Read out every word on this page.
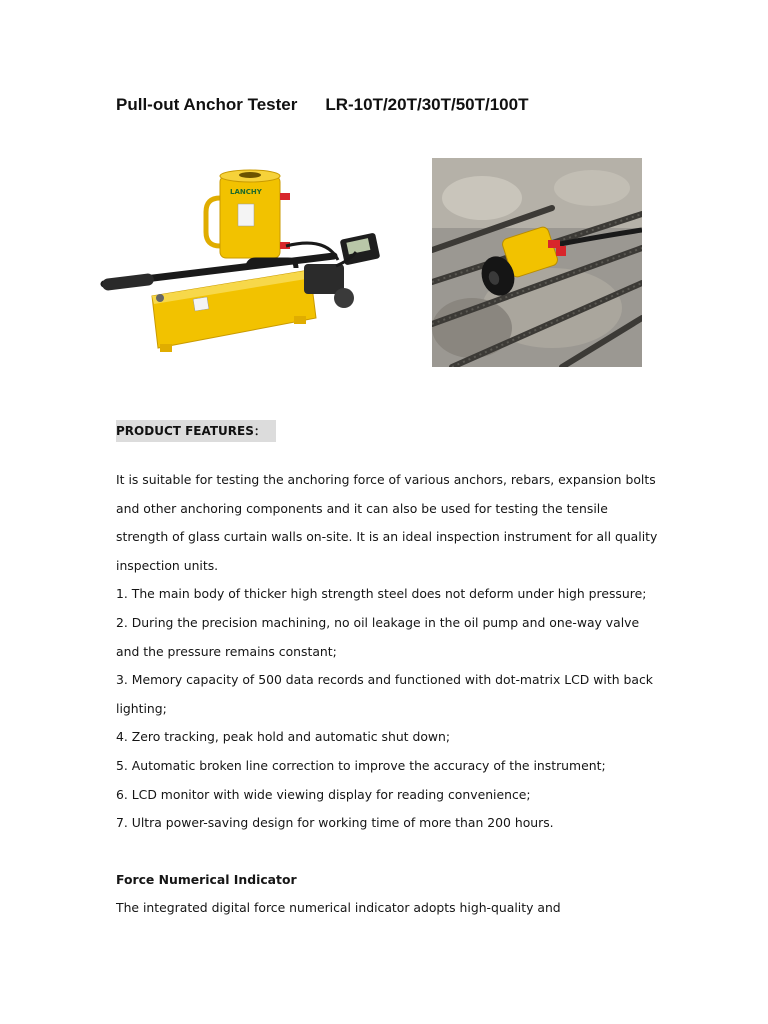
Pull-out Anchor Tester LR-10T/20T/30T/50T/100T
LANCHY
PRODUCT FEATURES：

It is suitable for testing the anchoring force of various anchors, rebars, expansion bolts and other anchoring components and it can also be used for testing the tensile strength of glass curtain walls on-site. It is an ideal inspection instrument for all quality inspection units.

1. The main body of thicker high strength steel does not deform under high pressure;

2. During the precision machining, no oil leakage in the oil pump and one-way valve and the pressure remains constant;

3. Memory capacity of 500 data records and functioned with dot-matrix LCD with back lighting;

4. Zero tracking, peak hold and automatic shut down;

5. Automatic broken line correction to improve the accuracy of the instrument;

6. LCD monitor with wide viewing display for reading convenience;

7. Ultra power-saving design for working time of more than 200 hours.

Force Numerical Indicator

The integrated digital force numerical indicator adopts high-quality and
